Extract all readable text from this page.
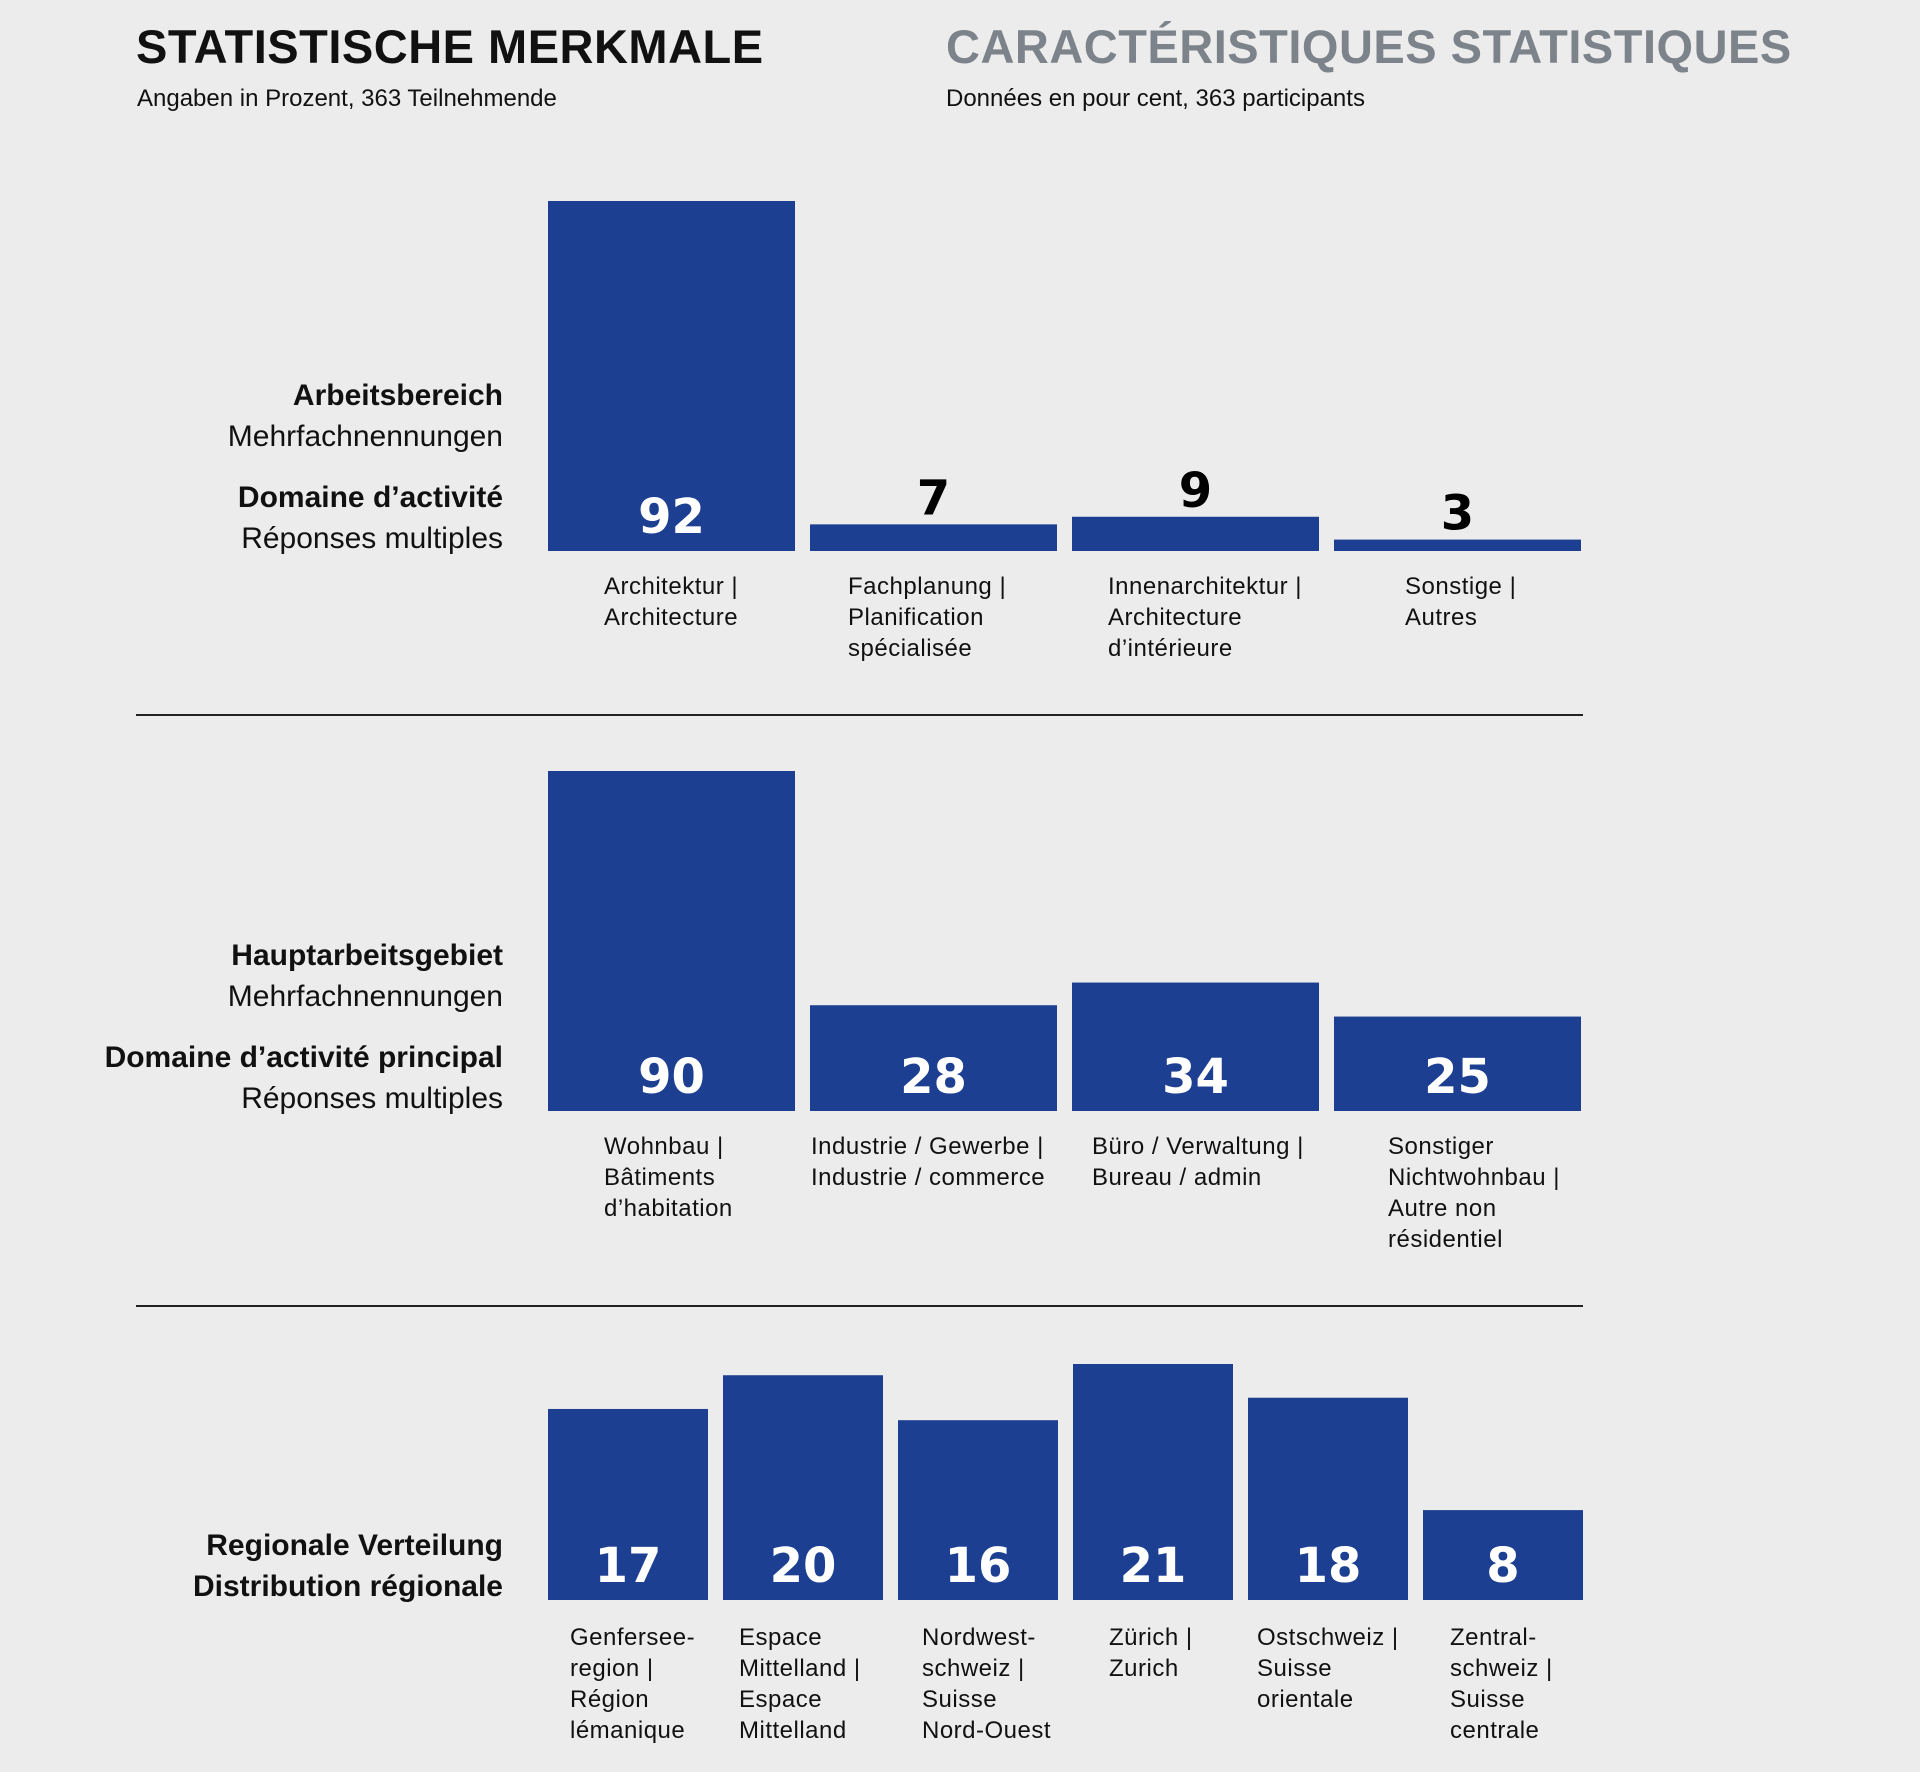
STATISTISCHE MERKMALE
Angaben in Prozent, 363 Teilnehmende
CARACTÉRISTIQUES STATISTIQUES
Données en pour cent, 363 participants
Arbeitsbereich
Mehrfachnennungen
Domaine d’activité
Réponses multiples	92	7	9	3
Architektur |
Architecture
Fachplanung |
Planification
spécialisée
Innenarchitektur |
Architecture
d’intérieure
Sonstige |
Autres
Hauptarbeitsgebiet
Mehrfachnennungen
Domaine d’activité principal
Réponses multiples	90	28	34	25
Wohnbau |
Bâtiments
d’habitation
Industrie / Gewerbe |
Industrie / commerce
Büro / Verwaltung |
Bureau / admin
Sonstiger
Nichtwohnbau |
Autre non
résidentiel
Regionale Verteilung
Distribution régionale 17 20 16 21 18	8
Genfersee-
region |
Région
lémanique
Espace
Mittelland |
Espace
Mittelland
Nordwest-
schweiz |
Suisse
Nord-Ouest
Zürich |
Zurich
Ostschweiz |
Suisse
orientale
Zentral-
schweiz |
Suisse
centrale
